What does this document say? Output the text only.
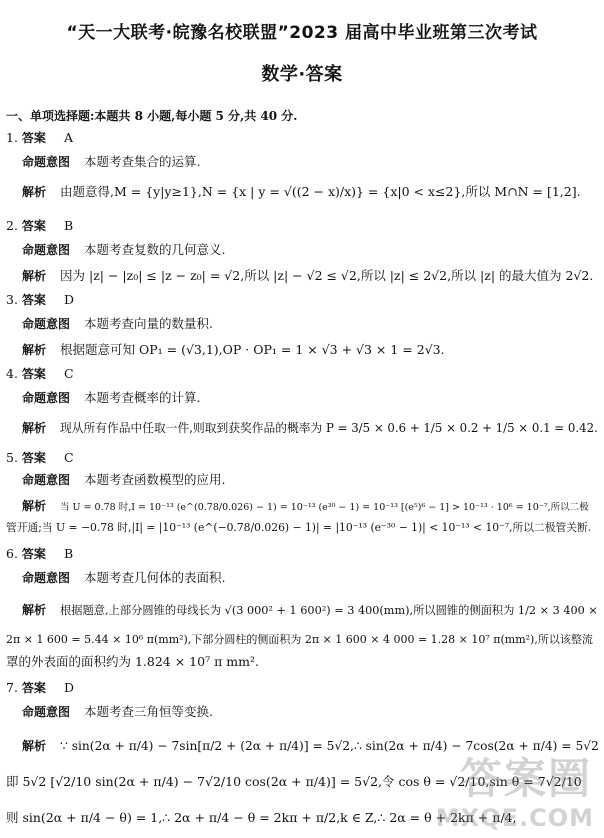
“天一大联考·皖豫名校联盟”2023 届高中毕业班第三次考试
数学·答案
一、单项选择题:本题共 8 小题,每小题 5 分,共 40 分.
1. 答案 A
命题意图 本题考查集合的运算.
解析 由题意得,M = {y|y≥1},N = {x | y = √((2 − x)/x)} = {x|0 < x≤2},所以 M∩N = [1,2].
2. 答案 B
命题意图 本题考查复数的几何意义.
解析 因为 |z| − |z₀| ≤ |z − z₀| = √2,所以 |z| − √2 ≤ √2,所以 |z| ≤ 2√2,所以 |z| 的最大值为 2√2.
3. 答案 D
命题意图 本题考查向量的数量积.
解析 根据题意可知 OP₁ = (√3,1),OP · OP₁ = 1 × √3 + √3 × 1 = 2√3.
4. 答案 C
命题意图 本题考查概率的计算.
解析 现从所有作品中任取一件,则取到获奖作品的概率为 P = 3/5 × 0.6 + 1/5 × 0.2 + 1/5 × 0.1 = 0.42.
5. 答案 C
命题意图 本题考查函数模型的应用.
解析 当 U = 0.78 时,I = 10⁻¹³ (e^(0.78/0.026) − 1) = 10⁻¹³ (e³⁰ − 1) = 10⁻¹³ [(e⁵)⁶ − 1] > 10⁻¹³ · 10⁶ = 10⁻⁷,所以二极
管开通;当 U = −0.78 时,|I| = |10⁻¹³ (e^(−0.78/0.026) − 1)| = |10⁻¹³ (e⁻³⁰ − 1)| < 10⁻¹³ < 10⁻⁷,所以二极管关断.
6. 答案 B
命题意图 本题考查几何体的表面积.
解析 根据题意,上部分圆锥的母线长为 √(3 000² + 1 600²) = 3 400(mm),所以圆锥的侧面积为 1/2 × 3 400 ×
2π × 1 600 = 5.44 × 10⁶ π(mm²),下部分圆柱的侧面积为 2π × 1 600 × 4 000 = 1.28 × 10⁷ π(mm²),所以该整流
罩的外表面的面积约为 1.824 × 10⁷ π mm².
7. 答案 D
命题意图 本题考查三角恒等变换.
解析 ∵ sin(2α + π/4) − 7sin[π/2 + (2α + π/4)] = 5√2,∴ sin(2α + π/4) − 7cos(2α + π/4) = 5√2
即 5√2 [√2/10 sin(2α + π/4) − 7√2/10 cos(2α + π/4)] = 5√2,令 cos θ = √2/10,sin θ = 7√2/10
则 sin(2α + π/4 − θ) = 1,∴ 2α + π/4 − θ = 2kπ + π/2,k ∈ Z,∴ 2α = θ + 2kπ + π/4,
答案圈
MXQE.COM
